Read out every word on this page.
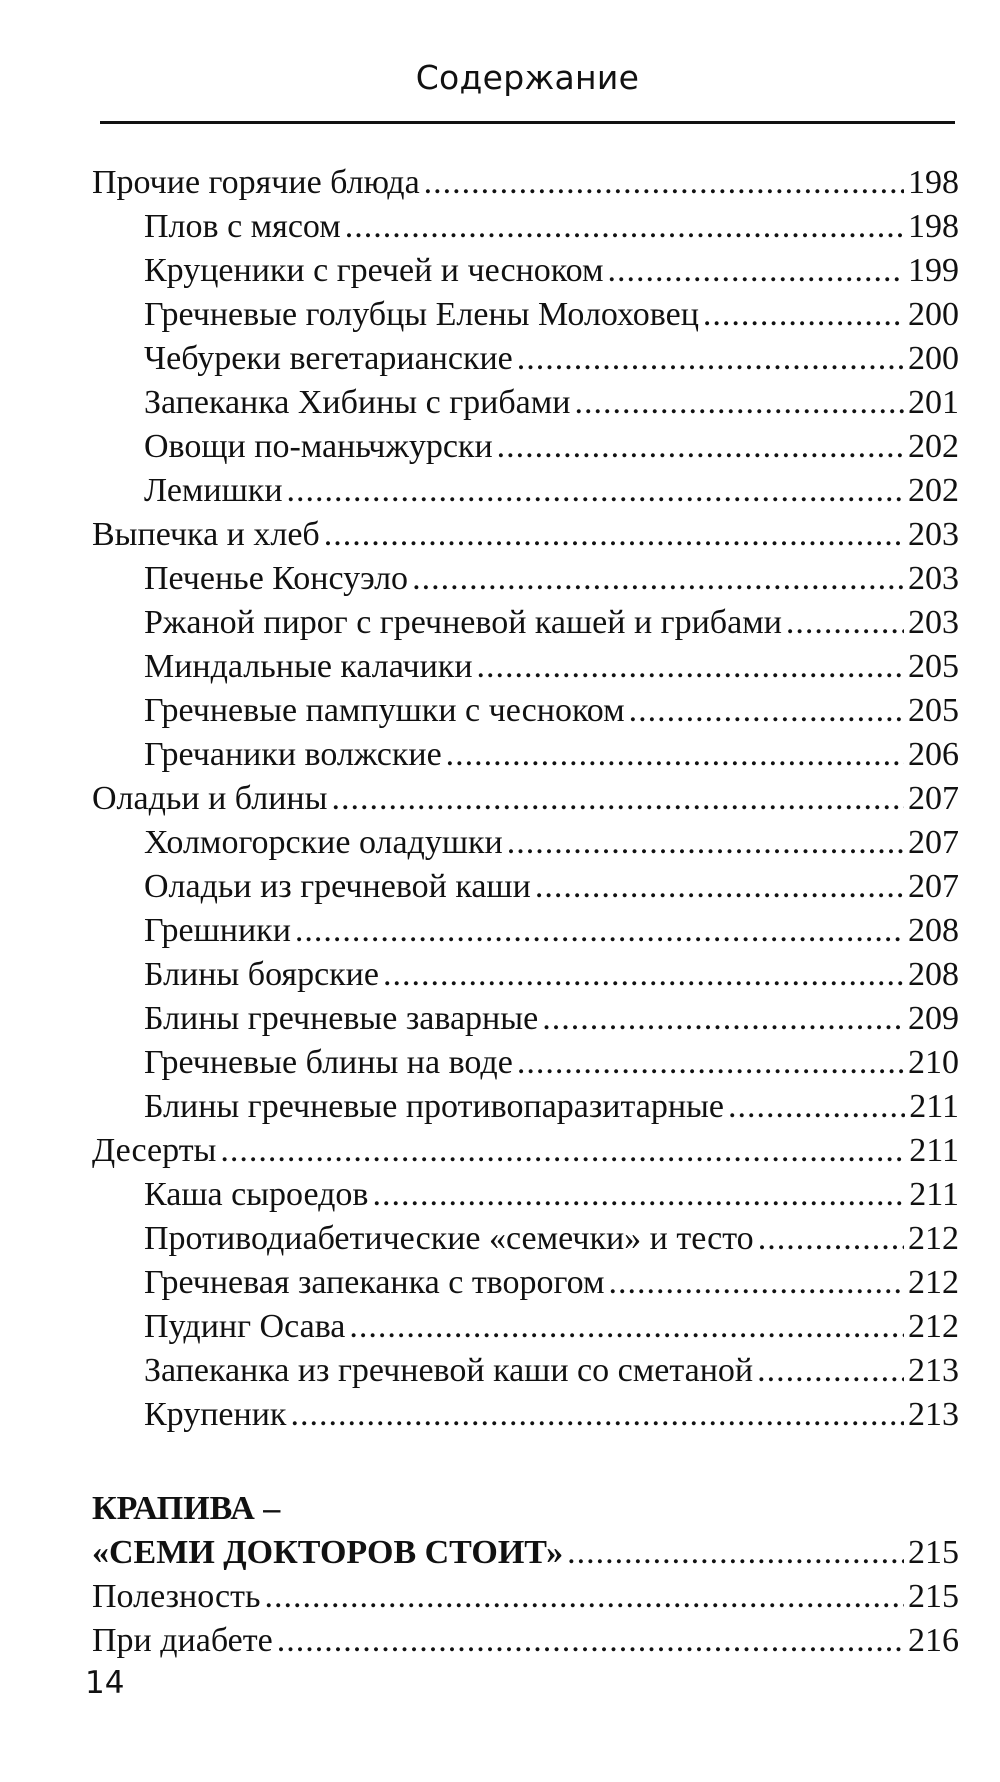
Содержание
Прочие горячие блюда .....	198
Плов с мясом .....	198
Круценики с гречей и чесноком .....	199
Гречневые голубцы Елены Молоховец .....	200
Чебуреки вегетарианские .....	200
Запеканка Хибины с грибами .....	201
Овощи по-маньчжурски .....	202
Лемишки .....	202
Выпечка и хлеб .....	203
Печенье Консуэло .....	203
Ржаной пирог с гречневой кашей и грибами .....	203
Миндальные калачики .....	205
Гречневые пампушки с чесноком .....	205
Гречаники волжские .....	206
Оладьи и блины .....	207
Холмогорские оладушки .....	207
Оладьи из гречневой каши .....	207
Грешники .....	208
Блины боярские .....	208
Блины гречневые заварные .....	209
Гречневые блины на воде .....	210
Блины гречневые противопаразитарные .....	211
Десерты .....	211
Каша сыроедов .....	211
Противодиабетические «семечки» и тесто .....	212
Гречневая запеканка с творогом .....	212
Пудинг Осава .....	212
Запеканка из гречневой каши со сметаной .....	213
Крупеник .....	213
КРАПИВА –
«СЕМИ ДОКТОРОВ СТОИТ» .....	215
Полезность .....	215
При диабете .....	216
14
